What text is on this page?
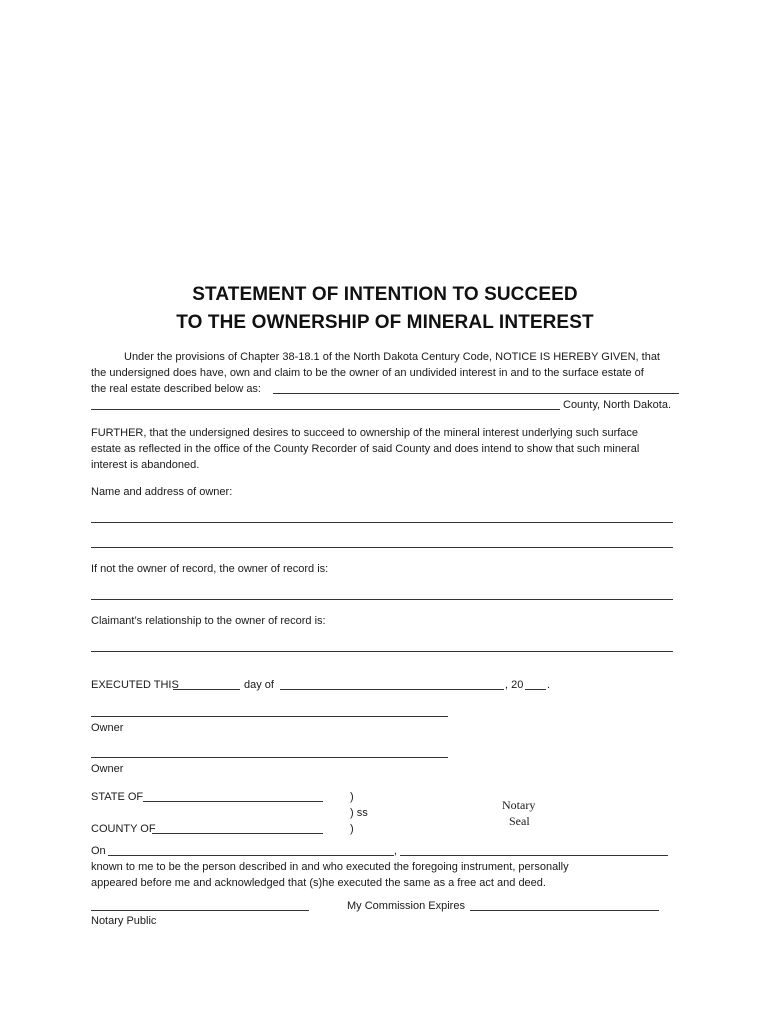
STATEMENT OF INTENTION TO SUCCEED
TO THE OWNERSHIP OF MINERAL INTEREST
Under the provisions of Chapter 38-18.1 of the North Dakota Century Code, NOTICE IS HEREBY GIVEN, that
the undersigned does have, own and claim to be the owner of an undivided interest in and to the surface estate of
the real estate described below as:
County, North Dakota.
FURTHER, that the undersigned desires to succeed to ownership of the mineral interest underlying such surface
estate as reflected in the office of the County Recorder of said County and does intend to show that such mineral
interest is abandoned.
Name and address of owner:
If not the owner of record, the owner of record is:
Claimant’s relationship to the owner of record is:
EXECUTED THIS	day of	, 20 .
Owner
Owner
STATE OF
COUNTY OF
)
) ss
)
Notary
Seal
On	,
known to me to be the person described in and who executed the foregoing instrument, personally
appeared before me and acknowledged that (s)he executed the same as a free act and deed.
My Commission Expires
Notary Public
